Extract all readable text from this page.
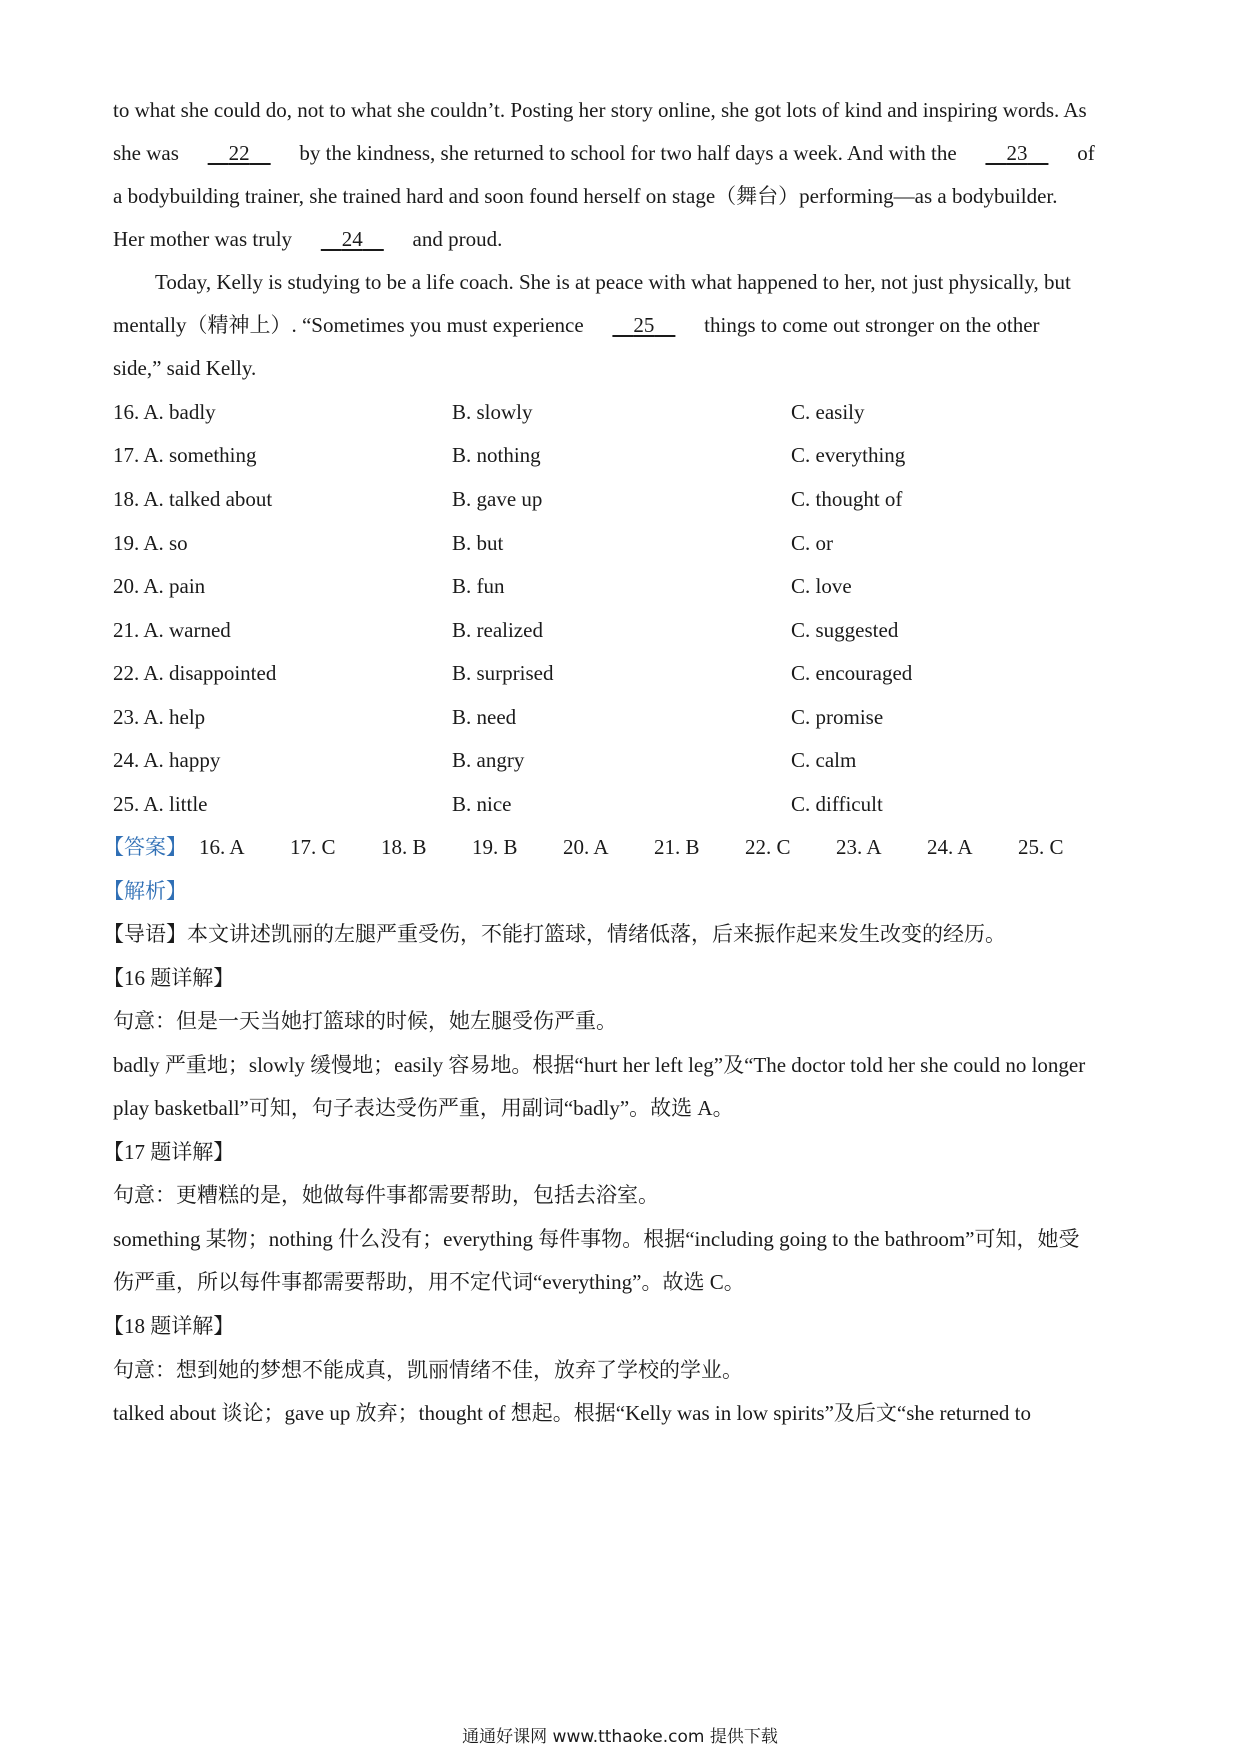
to what she could do, not to what she couldn’t. Posting her story online, she got lots of kind and inspiring words. As
she was 22 by the kindness, she returned to school for two half days a week. And with the 23 of
a bodybuilding trainer, she trained hard and soon found herself on stage（舞台）performing—as a bodybuilder.
Her mother was truly 24 and proud.
Today, Kelly is studying to be a life coach. She is at peace with what happened to her, not just physically, but
mentally（精神上）. “Sometimes you must experience 25 things to come out stronger on the other
side,” said Kelly.
16. A. badly	B. slowly	C. easily
17. A. something	B. nothing	C. everything
18. A. talked about	B. gave up	C. thought of
19. A. so	B. but	C. or
20. A. pain	B. fun	C. love
21. A. warned	B. realized	C. suggested
22. A. disappointed	B. surprised	C. encouraged
23. A. help	B. need	C. promise
24. A. happy	B. angry	C. calm
25. A. little	B. nice	C. difficult
【答案】 16. A 17. C 18. B 19. B 20. A 21. B 22. C 23. A 24. A 25. C
【解析】
【导语】本文讲述凯丽的左腿严重受伤，不能打篮球，情绪低落，后来振作起来发生改变的经历。
【16 题详解】
句意：但是一天当她打篮球的时候，她左腿受伤严重。
badly 严重地；slowly 缓慢地；easily 容易地。根据“hurt her left leg”及“The doctor told her she could no longer
play basketball”可知，句子表达受伤严重，用副词“badly”。故选 A。
【17 题详解】
句意：更糟糕的是，她做每件事都需要帮助，包括去浴室。
something 某物；nothing 什么没有；everything 每件事物。根据“including going to the bathroom”可知，她受
伤严重，所以每件事都需要帮助，用不定代词“everything”。故选 C。
【18 题详解】
句意：想到她的梦想不能成真，凯丽情绪不佳，放弃了学校的学业。
talked about 谈论；gave up 放弃；thought of 想起。根据“Kelly was in low spirits”及后文“she returned to
通通好课网 www.tthaoke.com 提供下载
